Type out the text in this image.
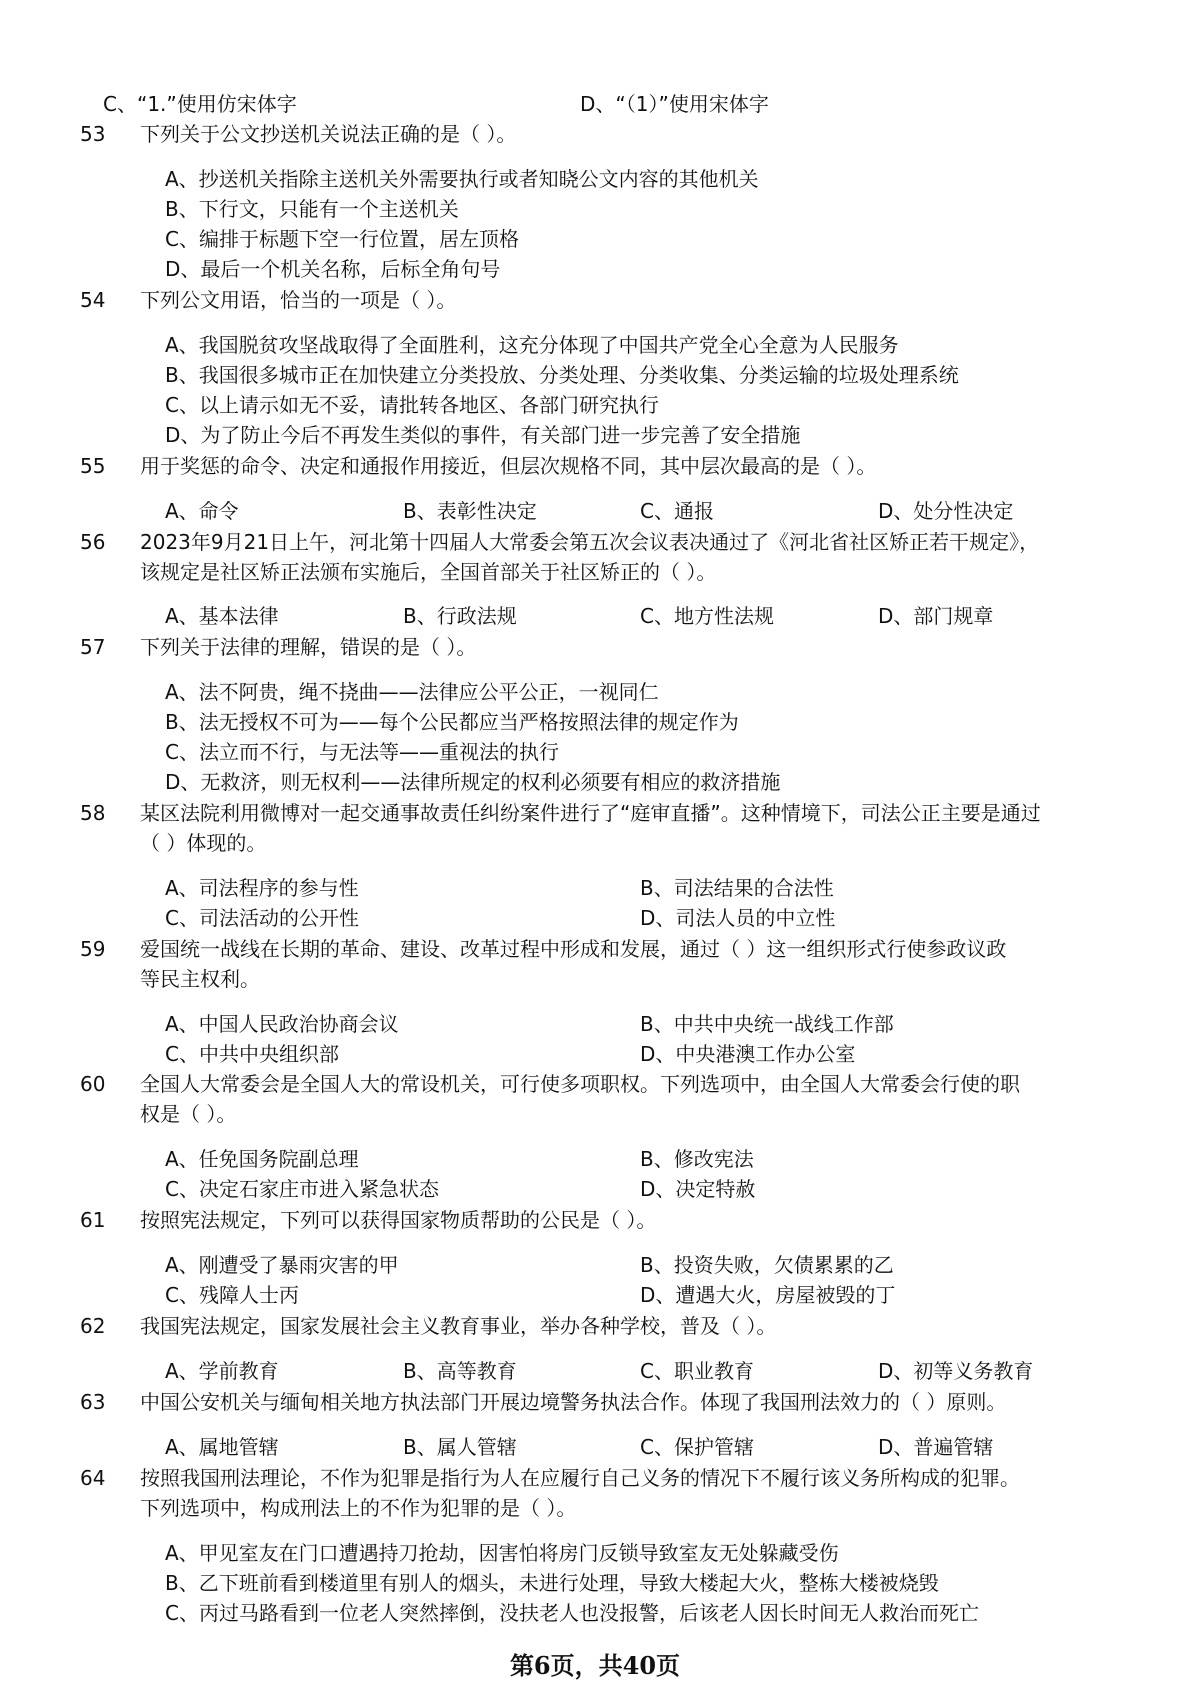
C、“1.”使用仿宋体字	D、“（1）”使用宋体字
53 下列关于公文抄送机关说法正确的是（ ）。
A、抄送机关指除主送机关外需要执行或者知晓公文内容的其他机关
B、下行文，只能有一个主送机关
C、编排于标题下空一行位置，居左顶格
D、最后一个机关名称，后标全角句号
54 下列公文用语，恰当的一项是（ ）。
A、我国脱贫攻坚战取得了全面胜利，这充分体现了中国共产党全心全意为人民服务
B、我国很多城市正在加快建立分类投放、分类处理、分类收集、分类运输的垃圾处理系统
C、以上请示如无不妥，请批转各地区、各部门研究执行
D、为了防止今后不再发生类似的事件，有关部门进一步完善了安全措施
55 用于奖惩的命令、决定和通报作用接近，但层次规格不同，其中层次最高的是（ ）。
A、命令	B、表彰性决定	C、通报	D、处分性决定
56 2023年9月21日上午，河北第十四届人大常委会第五次会议表决通过了《河北省社区矫正若干规定》，
该规定是社区矫正法颁布实施后，全国首部关于社区矫正的（ ）。
A、基本法律	B、行政法规	C、地方性法规	D、部门规章
57 下列关于法律的理解，错误的是（ ）。
A、法不阿贵，绳不挠曲——法律应公平公正，一视同仁
B、法无授权不可为——每个公民都应当严格按照法律的规定作为
C、法立而不行，与无法等——重视法的执行
D、无救济，则无权利——法律所规定的权利必须要有相应的救济措施
58 某区法院利用微博对一起交通事故责任纠纷案件进行了“庭审直播”。这种情境下，司法公正主要是通过
（ ）体现的。
A、司法程序的参与性	B、司法结果的合法性
C、司法活动的公开性	D、司法人员的中立性
59 爱国统一战线在长期的革命、建设、改革过程中形成和发展，通过（ ）这一组织形式行使参政议政
等民主权利。
A、中国人民政治协商会议	B、中共中央统一战线工作部
C、中共中央组织部	D、中央港澳工作办公室
60 全国人大常委会是全国人大的常设机关，可行使多项职权。下列选项中，由全国人大常委会行使的职
权是（ ）。
A、任免国务院副总理	B、修改宪法
C、决定石家庄市进入紧急状态	D、决定特赦
61 按照宪法规定，下列可以获得国家物质帮助的公民是（ ）。
A、刚遭受了暴雨灾害的甲	B、投资失败，欠债累累的乙
C、残障人士丙	D、遭遇大火，房屋被毁的丁
62 我国宪法规定，国家发展社会主义教育事业，举办各种学校，普及（ ）。
A、学前教育	B、高等教育	C、职业教育	D、初等义务教育
63 中国公安机关与缅甸相关地方执法部门开展边境警务执法合作。体现了我国刑法效力的（ ）原则。
A、属地管辖	B、属人管辖	C、保护管辖	D、普遍管辖
64 按照我国刑法理论，不作为犯罪是指行为人在应履行自己义务的情况下不履行该义务所构成的犯罪。
下列选项中，构成刑法上的不作为犯罪的是（ ）。
A、甲见室友在门口遭遇持刀抢劫，因害怕将房门反锁导致室友无处躲藏受伤
B、乙下班前看到楼道里有别人的烟头，未进行处理，导致大楼起大火，整栋大楼被烧毁
C、丙过马路看到一位老人突然摔倒，没扶老人也没报警，后该老人因长时间无人救治而死亡
第6页，共40页
